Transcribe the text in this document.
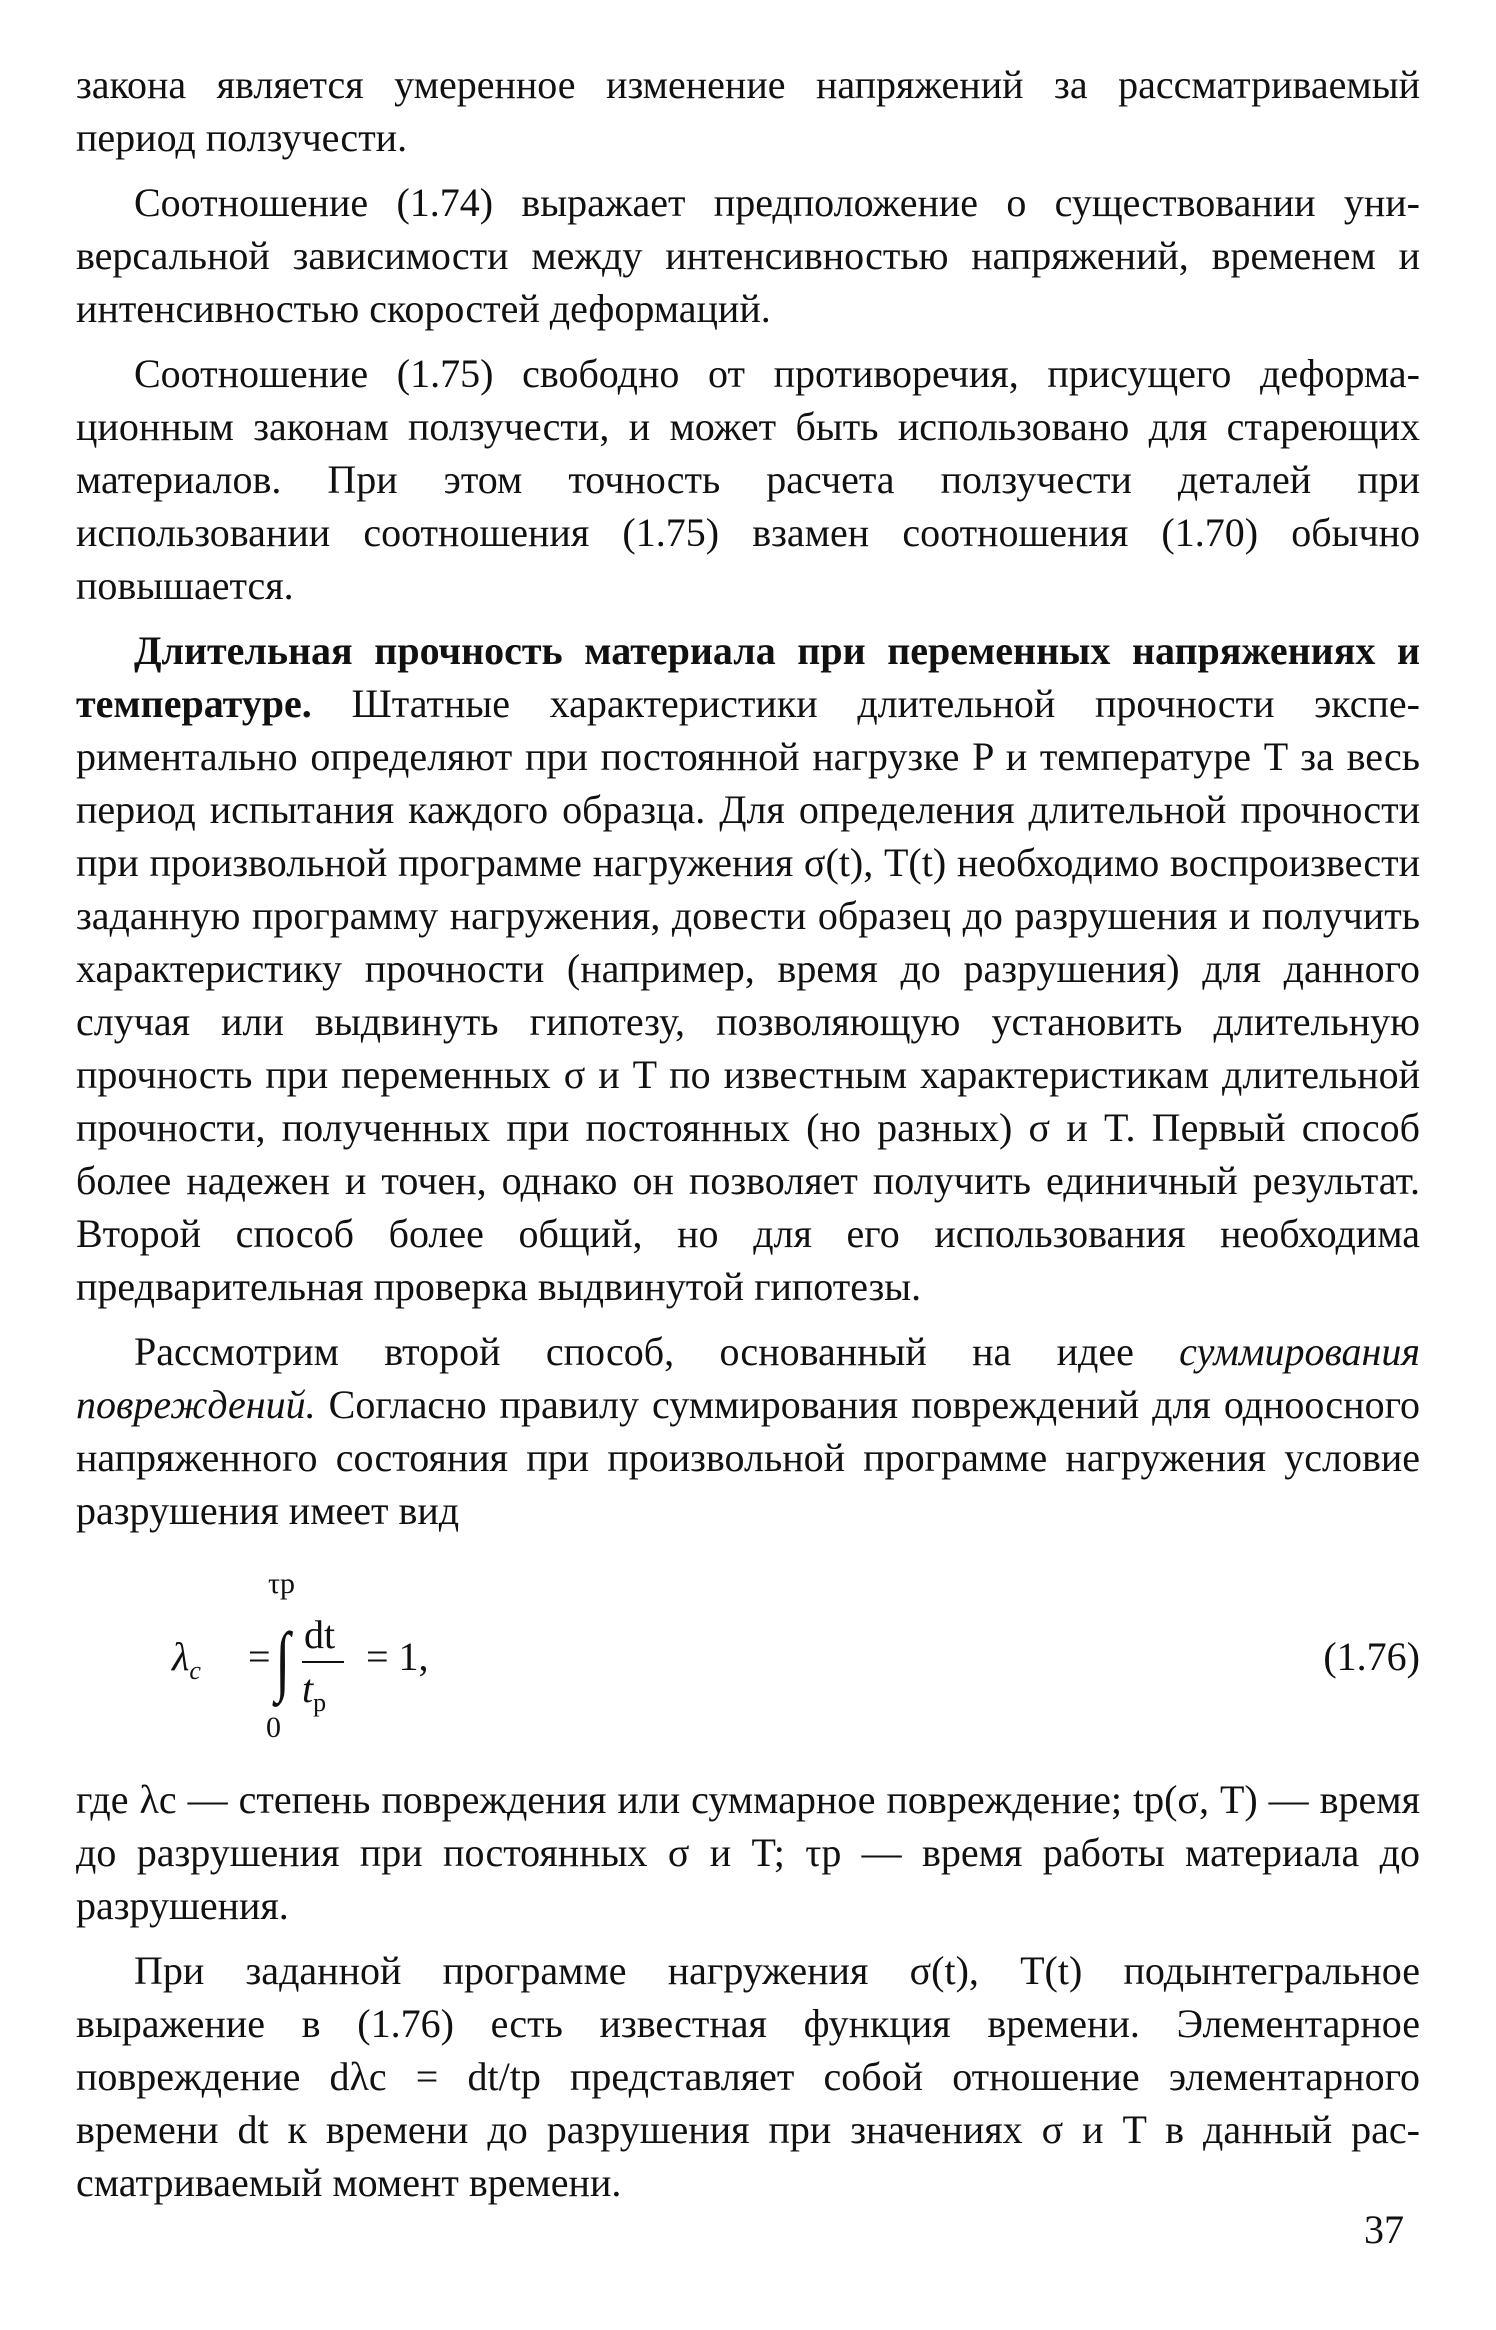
закона является умеренное изменение напряжений за рассматриваемый период ползучести.

Соотношение (1.74) выражает предположение о существовании универсальной зависимости между интенсивностью напряжений, временем и интенсивностью скоростей деформаций.

Соотношение (1.75) свободно от противоречия, присущего деформационным законам ползучести, и может быть использовано для стареющих материалов. При этом точность расчета ползучести деталей при использовании соотношения (1.75) взамен соотношения (1.70) обычно повышается.

Длительная прочность материала при переменных напряжениях и температуре. Штатные характеристики длительной прочности экспериментально определяют при постоянной нагрузке P и температуре T за весь период испытания каждого образца. Для определения длительной прочности при произвольной программе нагружения σ(t), T(t) необходимо воспроизвести заданную программу нагружения, довести образец до разрушения и получить характеристику прочности (например, время до разрушения) для данного случая или выдвинуть гипотезу, позволяющую установить длительную прочность при переменных σ и T по известным характеристикам длительной прочности, полученных при постоянных (но разных) σ и T. Первый способ более надежен и точен, однако он позволяет получить единичный результат. Второй способ более общий, но для его использования необходима предварительная проверка выдвинутой гипотезы.

Рассмотрим второй способ, основанный на идее суммирования повреждений. Согласно правилу суммирования повреждений для одноосного напряженного состояния при произвольной программе нагружения условие разрушения имеет вид

$\lambda_c$ =
τp
∫ dt
$t_p$
0
= 1,	(1.76)

где λc — степень повреждения или суммарное повреждение; tp(σ, T) — время до разрушения при постоянных σ и T; τp — время работы материала до разрушения.

При заданной программе нагружения σ(t), T(t) подынтегральное выражение в (1.76) есть известная функция времени. Элементарное повреждение dλc = dt/tp представляет собой отношение элементарного времени dt к времени до разрушения при значениях σ и T в данный рассматриваемый момент времени.

37
